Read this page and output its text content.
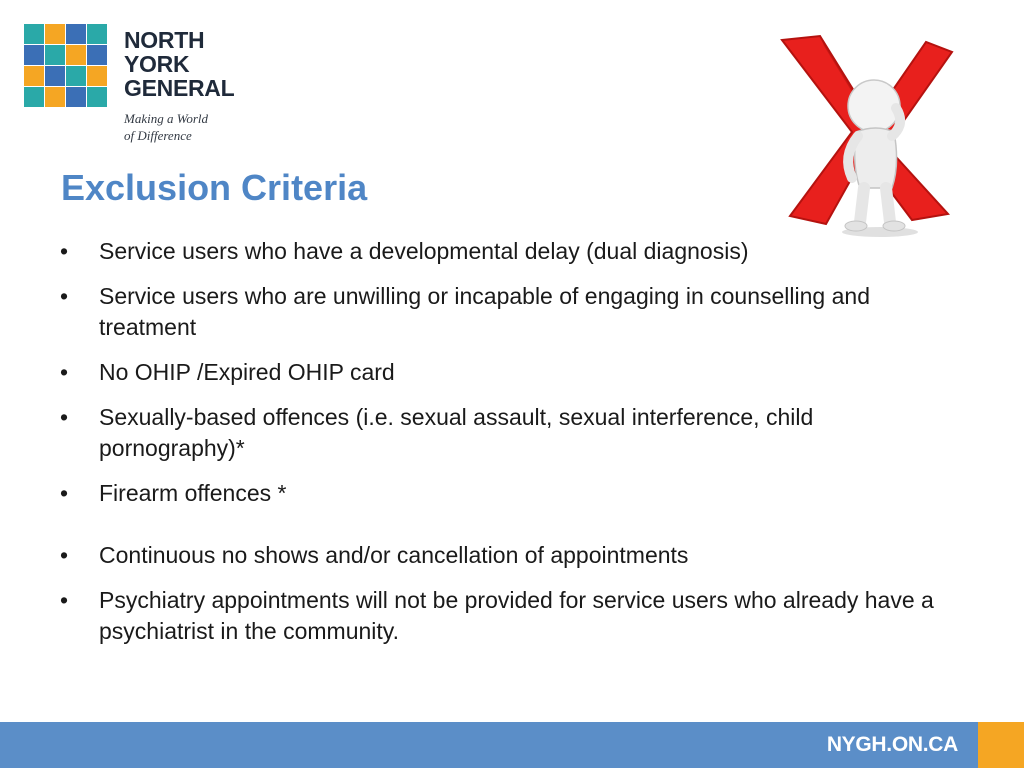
NORTH
YORK
GENERAL
Making a World
of Difference
Exclusion Criteria
•	Service users who have a developmental delay (dual diagnosis)
•	Service users who are unwilling or incapable of engaging in counselling and treatment
•	No OHIP /Expired OHIP card
•	Sexually-based offences (i.e. sexual assault, sexual interference, child pornography)*
•	Firearm offences *
•	Continuous no shows and/or cancellation of appointments
•	Psychiatry appointments will not be provided for service users who already have a psychiatrist in the community.
NYGH.ON.CA
